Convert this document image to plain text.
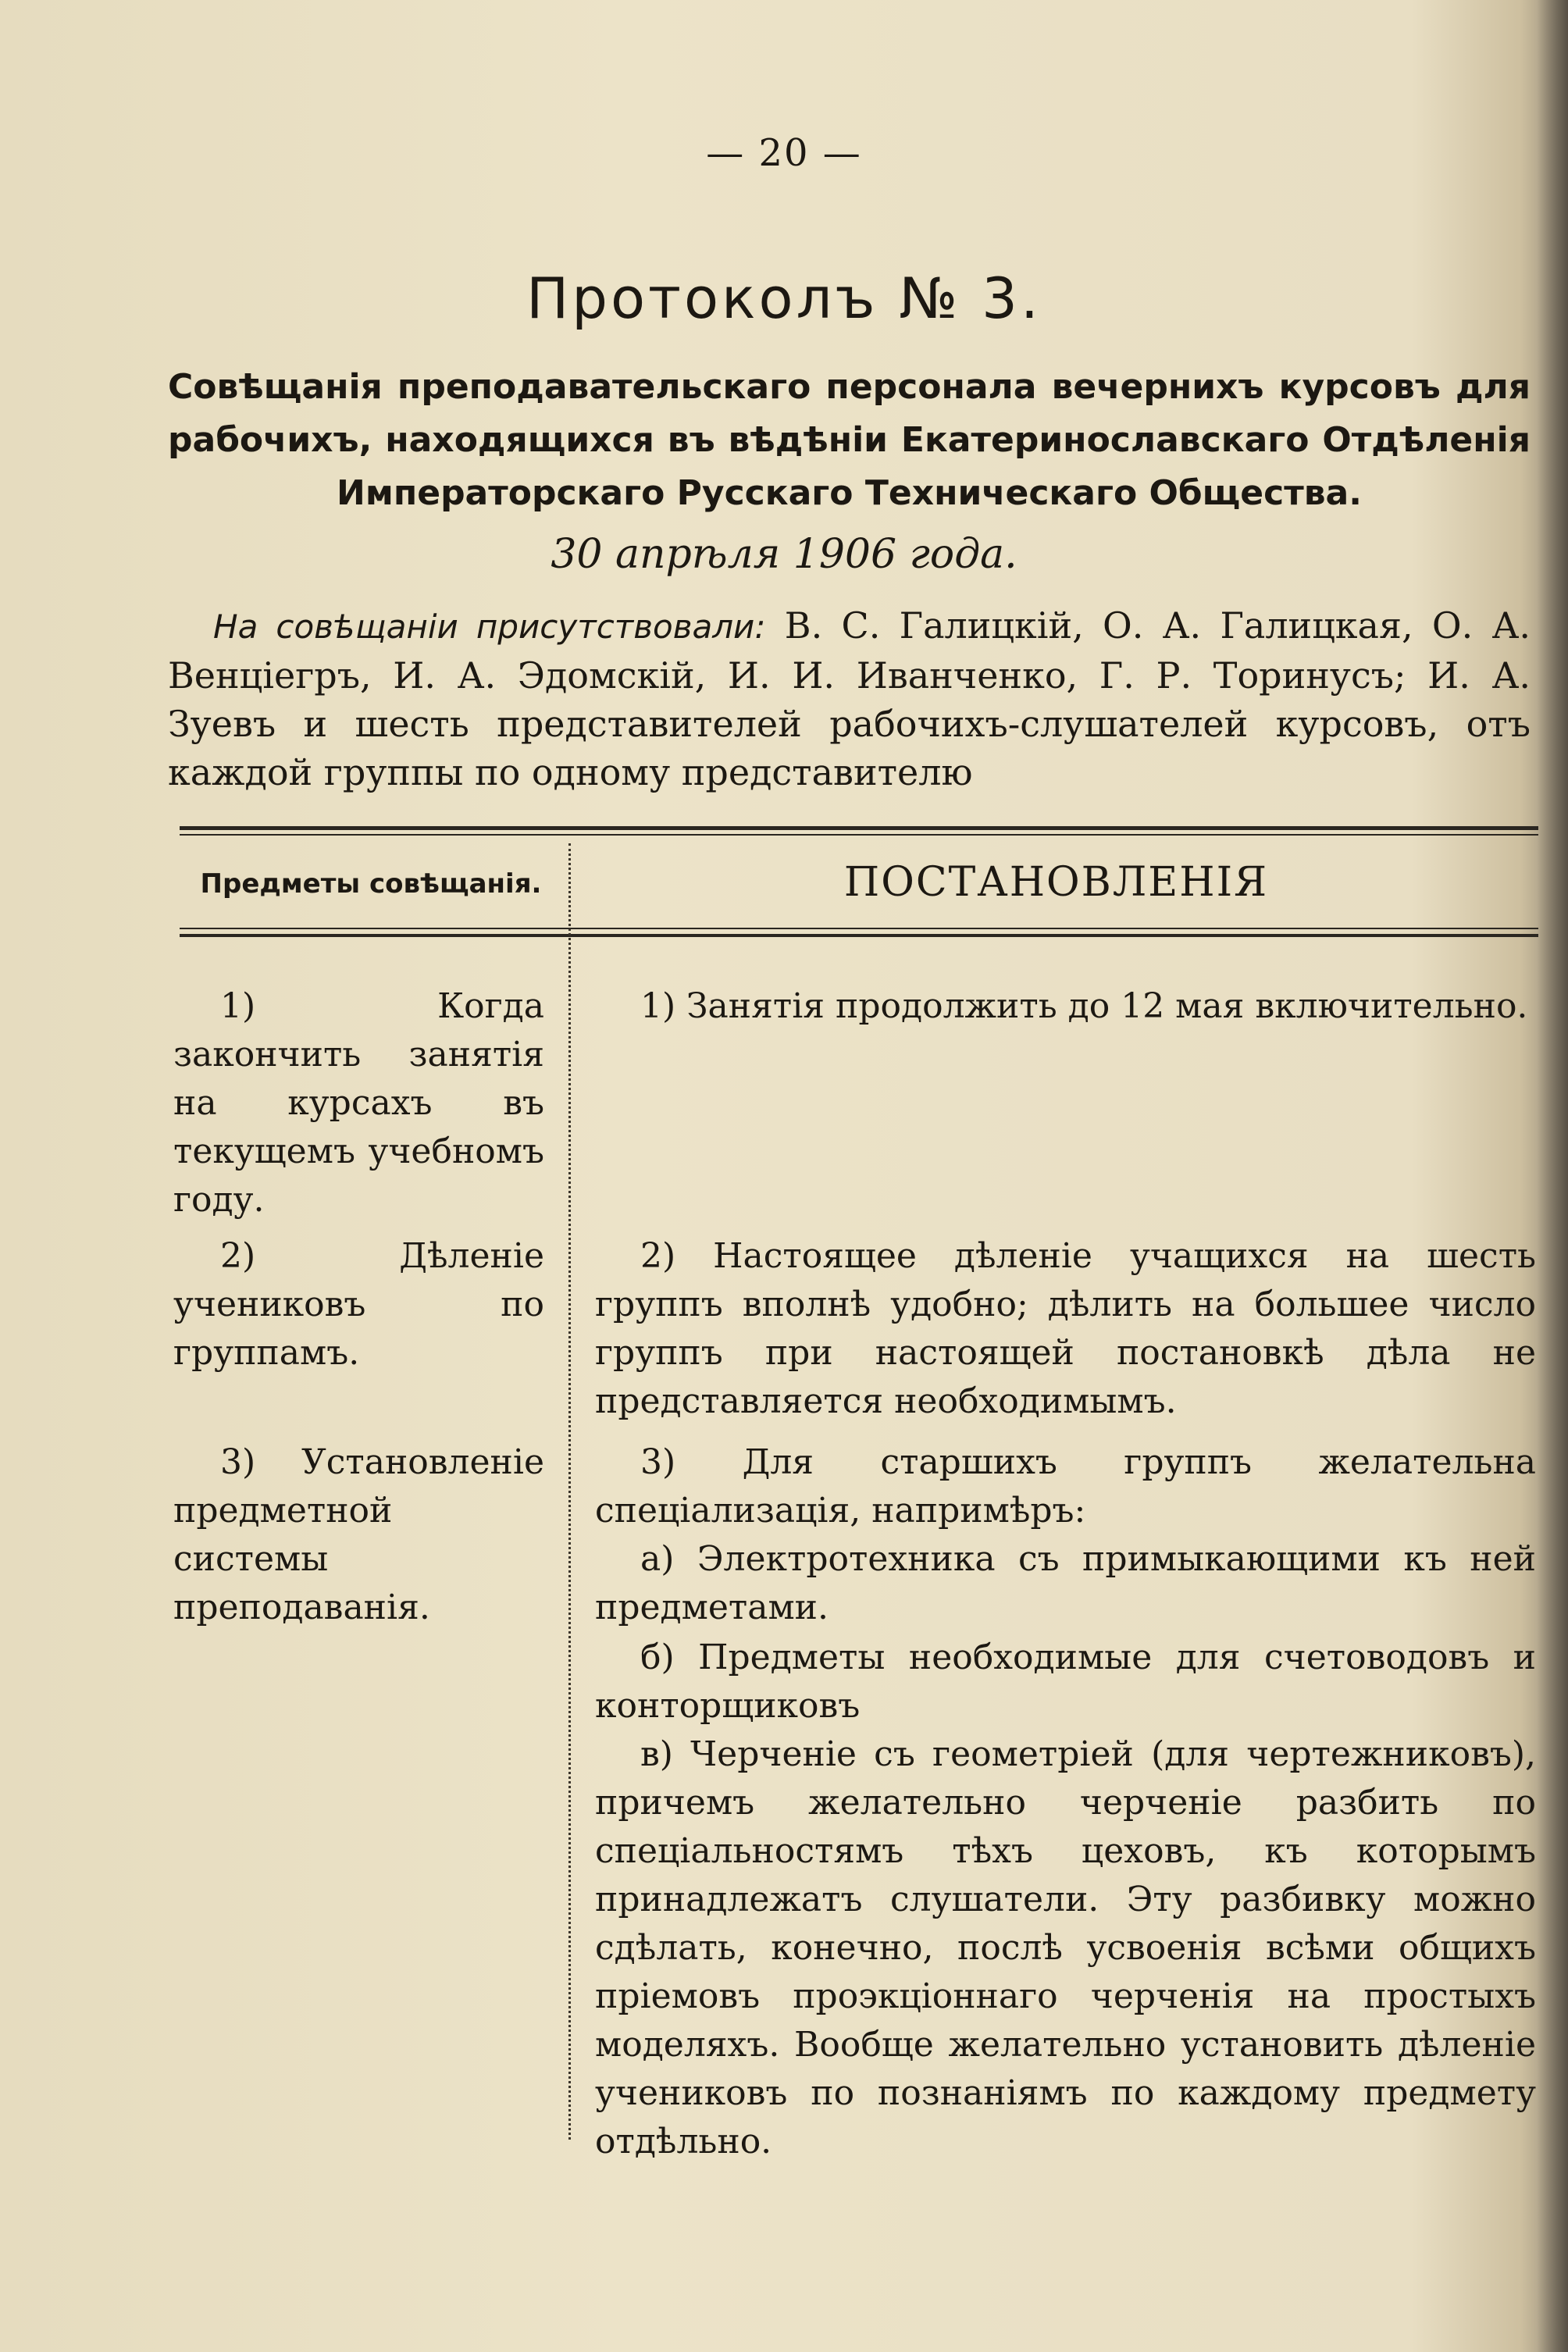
— 20 —
Протоколъ № 3.
Совѣщанія преподавательскаго персонала вечернихъ курсовъ для рабочихъ, находящихся въ вѣдѣніи Екатеринославскаго Отдѣленія Императорскаго Русскаго Техническаго Общества.
30 апрѣля 1906 года.
На совѣщаніи присутствовали: В. С. Галицкій, О. А. Галицкая, О. А. Венціегръ, И. А. Эдомскій, И. И. Иванченко, Г. Р. Торинусъ; И. А. Зуевъ и шесть представителей рабочихъ-слушателей курсовъ, отъ каждой группы по одному представителю
Предметы совѣщанія.	ПОСТАНОВЛЕНІЯ
1) Когда закончить занятія на курсахъ въ текущемъ учебномъ году.
2) Дѣленіе учениковъ по группамъ.
3) Установленіе предметной системы преподаванія.
1) Занятія продолжить до 12 мая включительно.
2) Настоящее дѣленіе учащихся на шесть группъ вполнѣ удобно; дѣлить на большее число группъ при настоящей постановкѣ дѣла не представляется необходимымъ.
3) Для старшихъ группъ желательна спеціализація, напримѣръ:
а) Электротехника съ примыкающими къ ней предметами.
б) Предметы необходимые для счетоводовъ и конторщиковъ
в) Черченіе съ геометріей (для чертежниковъ), причемъ желательно черченіе разбить по спеціальностямъ тѣхъ цеховъ, къ которымъ принадлежатъ слушатели. Эту разбивку можно сдѣлать, конечно, послѣ усвоенія всѣми общихъ пріемовъ проэкціоннаго черченія на простыхъ моделяхъ. Вообще желательно установить дѣленіе учениковъ по познаніямъ по каждому предмету отдѣльно.
